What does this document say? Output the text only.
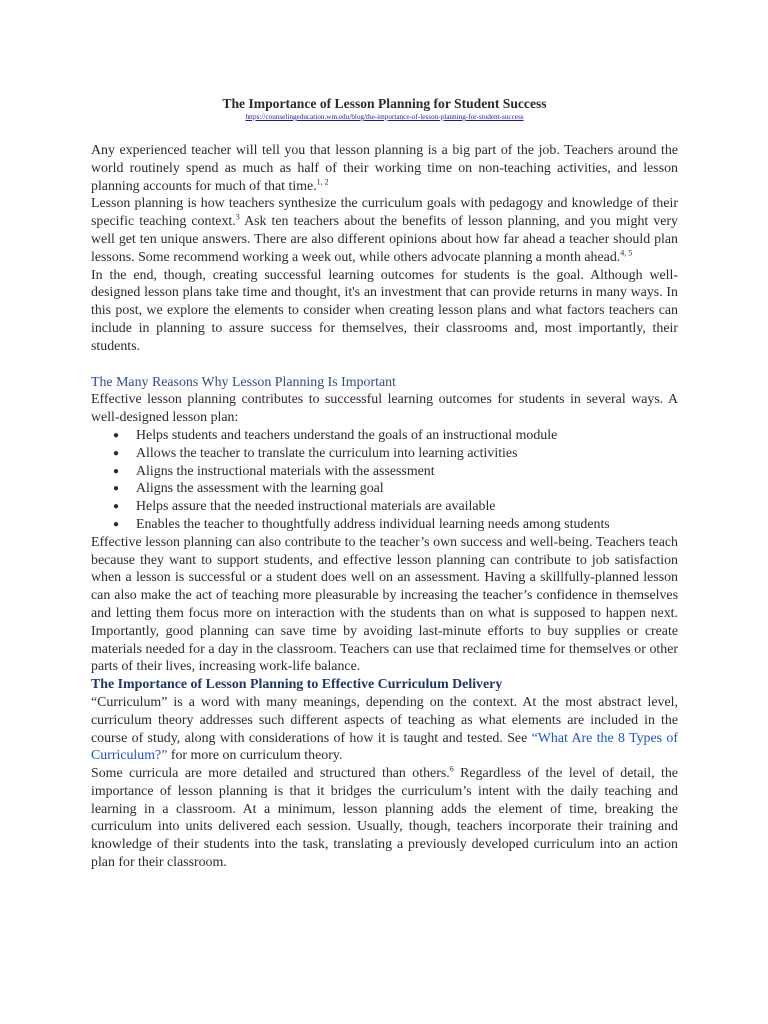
The Importance of Lesson Planning for Student Success
https://counselingeducation.wm.edu/blog/the-importance-of-lesson-planning-for-student-success

Any experienced teacher will tell you that lesson planning is a big part of the job. Teachers around the world routinely spend as much as half of their working time on non-teaching activities, and lesson planning accounts for much of that time.$^{1, 2}$

Lesson planning is how teachers synthesize the curriculum goals with pedagogy and knowledge of their specific teaching context.$^3$ Ask ten teachers about the benefits of lesson planning, and you might very well get ten unique answers. There are also different opinions about how far ahead a teacher should plan lessons. Some recommend working a week out, while others advocate planning a month ahead.$^{4, 5}$

In the end, though, creating successful learning outcomes for students is the goal. Although well-designed lesson plans take time and thought, it's an investment that can provide returns in many ways. In this post, we explore the elements to consider when creating lesson plans and what factors teachers can include in planning to assure success for themselves, their classrooms and, most importantly, their students.

The Many Reasons Why Lesson Planning Is Important

Effective lesson planning contributes to successful learning outcomes for students in several ways. A well-designed lesson plan:

● Helps students and teachers understand the goals of an instructional module
● Allows the teacher to translate the curriculum into learning activities
● Aligns the instructional materials with the assessment
● Aligns the assessment with the learning goal
● Helps assure that the needed instructional materials are available
● Enables the teacher to thoughtfully address individual learning needs among students

Effective lesson planning can also contribute to the teacher’s own success and well-being. Teachers teach because they want to support students, and effective lesson planning can contribute to job satisfaction when a lesson is successful or a student does well on an assessment. Having a skillfully-planned lesson can also make the act of teaching more pleasurable by increasing the teacher’s confidence in themselves and letting them focus more on interaction with the students than on what is supposed to happen next. Importantly, good planning can save time by avoiding last-minute efforts to buy supplies or create materials needed for a day in the classroom. Teachers can use that reclaimed time for themselves or other parts of their lives, increasing work-life balance.

The Importance of Lesson Planning to Effective Curriculum Delivery

“Curriculum” is a word with many meanings, depending on the context. At the most abstract level, curriculum theory addresses such different aspects of teaching as what elements are included in the course of study, along with considerations of how it is taught and tested. See “What Are the 8 Types of Curriculum?” for more on curriculum theory.

Some curricula are more detailed and structured than others.$^6$ Regardless of the level of detail, the importance of lesson planning is that it bridges the curriculum’s intent with the daily teaching and learning in a classroom. At a minimum, lesson planning adds the element of time, breaking the curriculum into units delivered each session. Usually, though, teachers incorporate their training and knowledge of their students into the task, translating a previously developed curriculum into an action plan for their classroom.
